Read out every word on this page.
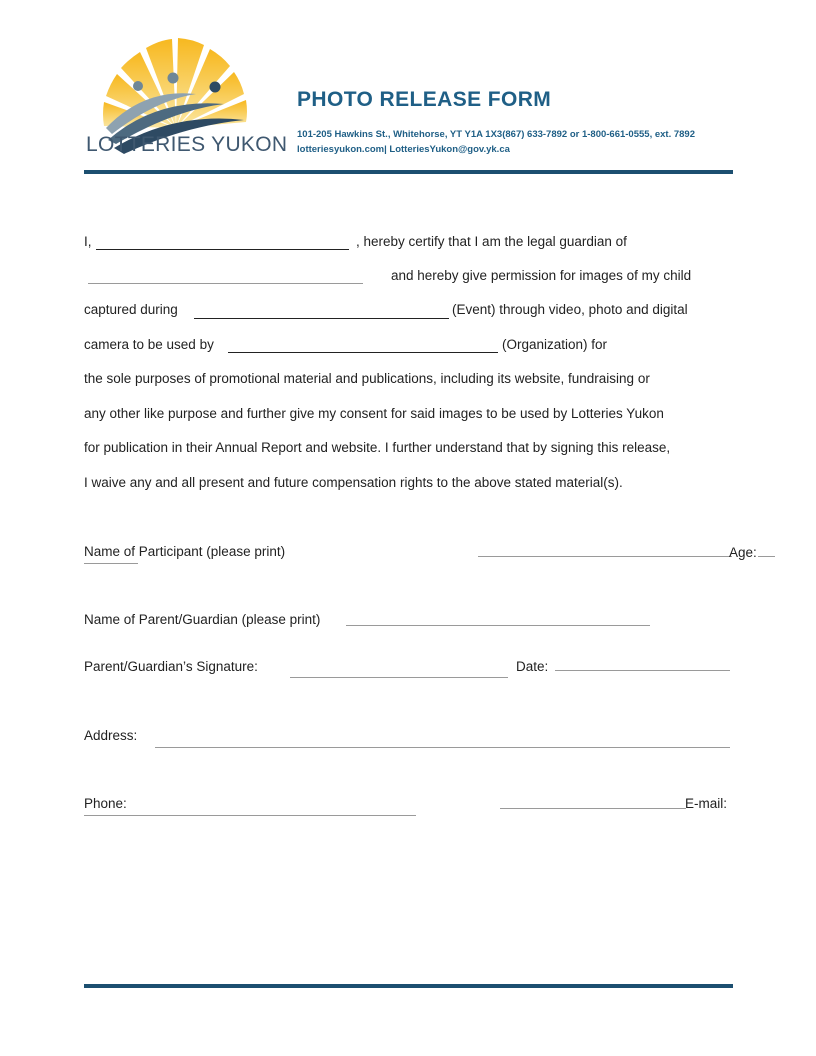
LOTTERIES YUKON
PHOTO RELEASE FORM
101-205 Hawkins St., Whitehorse, YT Y1A 1X3(867) 633-7892 or 1-800-661-0555, ext. 7892
lotteriesyukon.com| LotteriesYukon@gov.yk.ca
I,	, hereby certify that I am the legal guardian of
and hereby give permission for images of my child
captured during	(Event) through video, photo and digital
camera to be used by	(Organization) for
the sole purposes of promotional material and publications, including its website, fundraising or
any other like purpose and further give my consent for said images to be used by Lotteries Yukon
for publication in their Annual Report and website. I further understand that by signing this release,
I waive any and all present and future compensation rights to the above stated material(s).
Name of Participant (please print)	Age:
Name of Parent/Guardian (please print)
Parent/Guardian’s Signature:	Date:
Address:
Phone:	E-mail:
